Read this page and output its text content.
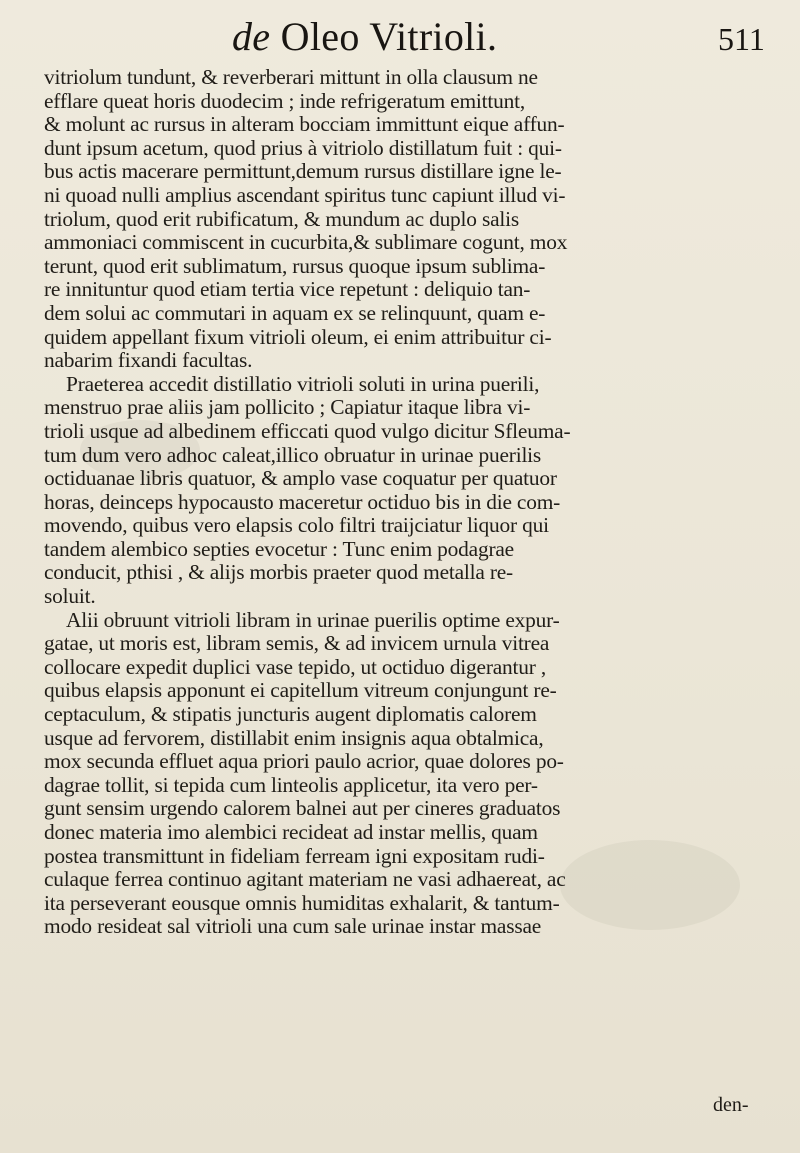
de Oleo Vitrioli.	511
vitriolum tundunt, & reverberari mittunt in olla clausum ne
efflare queat horis duodecim ; inde refrigeratum emittunt,
& molunt ac rursus in alteram bocciam immittunt eique affun-
dunt ipsum acetum, quod prius à vitriolo distillatum fuit : qui-
bus actis macerare permittunt,demum rursus distillare igne le-
ni quoad nulli amplius ascendant spiritus tunc capiunt illud vi-
triolum, quod erit rubificatum, & mundum ac duplo salis
ammoniaci commiscent in cucurbita,& sublimare cogunt, mox
terunt, quod erit sublimatum, rursus quoque ipsum sublima-
re innituntur quod etiam tertia vice repetunt : deliquio tan-
dem solui ac commutari in aquam ex se relinquunt, quam e-
quidem appellant fixum vitrioli oleum, ei enim attribuitur ci-
nabarim fixandi facultas.
Praeterea accedit distillatio vitrioli soluti in urina puerili,
menstruo prae aliis jam pollicito ; Capiatur itaque libra vi-
trioli usque ad albedinem efficcati quod vulgo dicitur Sfleuma-
tum dum vero adhoc caleat,illico obruatur in urinae puerilis
octiduanae libris quatuor, & amplo vase coquatur per quatuor
horas, deinceps hypocausto maceretur octiduo bis in die com-
movendo, quibus vero elapsis colo filtri traijciatur liquor qui
tandem alembico septies evocetur : Tunc enim podagrae
conducit, pthisi , & alijs morbis praeter quod metalla re-
soluit.
Alii obruunt vitrioli libram in urinae puerilis optime expur-
gatae, ut moris est, libram semis, & ad invicem urnula vitrea
collocare expedit duplici vase tepido, ut octiduo digerantur ,
quibus elapsis apponunt ei capitellum vitreum conjungunt re-
ceptaculum, & stipatis juncturis augent diplomatis calorem
usque ad fervorem, distillabit enim insignis aqua obtalmica,
mox secunda effluet aqua priori paulo acrior, quae dolores po-
dagrae tollit, si tepida cum linteolis applicetur, ita vero per-
gunt sensim urgendo calorem balnei aut per cineres graduatos
donec materia imo alembici recideat ad instar mellis, quam
postea transmittunt in fideliam ferream igni expositam rudi-
culaque ferrea continuo agitant materiam ne vasi adhaereat, ac
ita perseverant eousque omnis humiditas exhalarit, & tantum-
modo resideat sal vitrioli una cum sale urinae instar massae
den-
